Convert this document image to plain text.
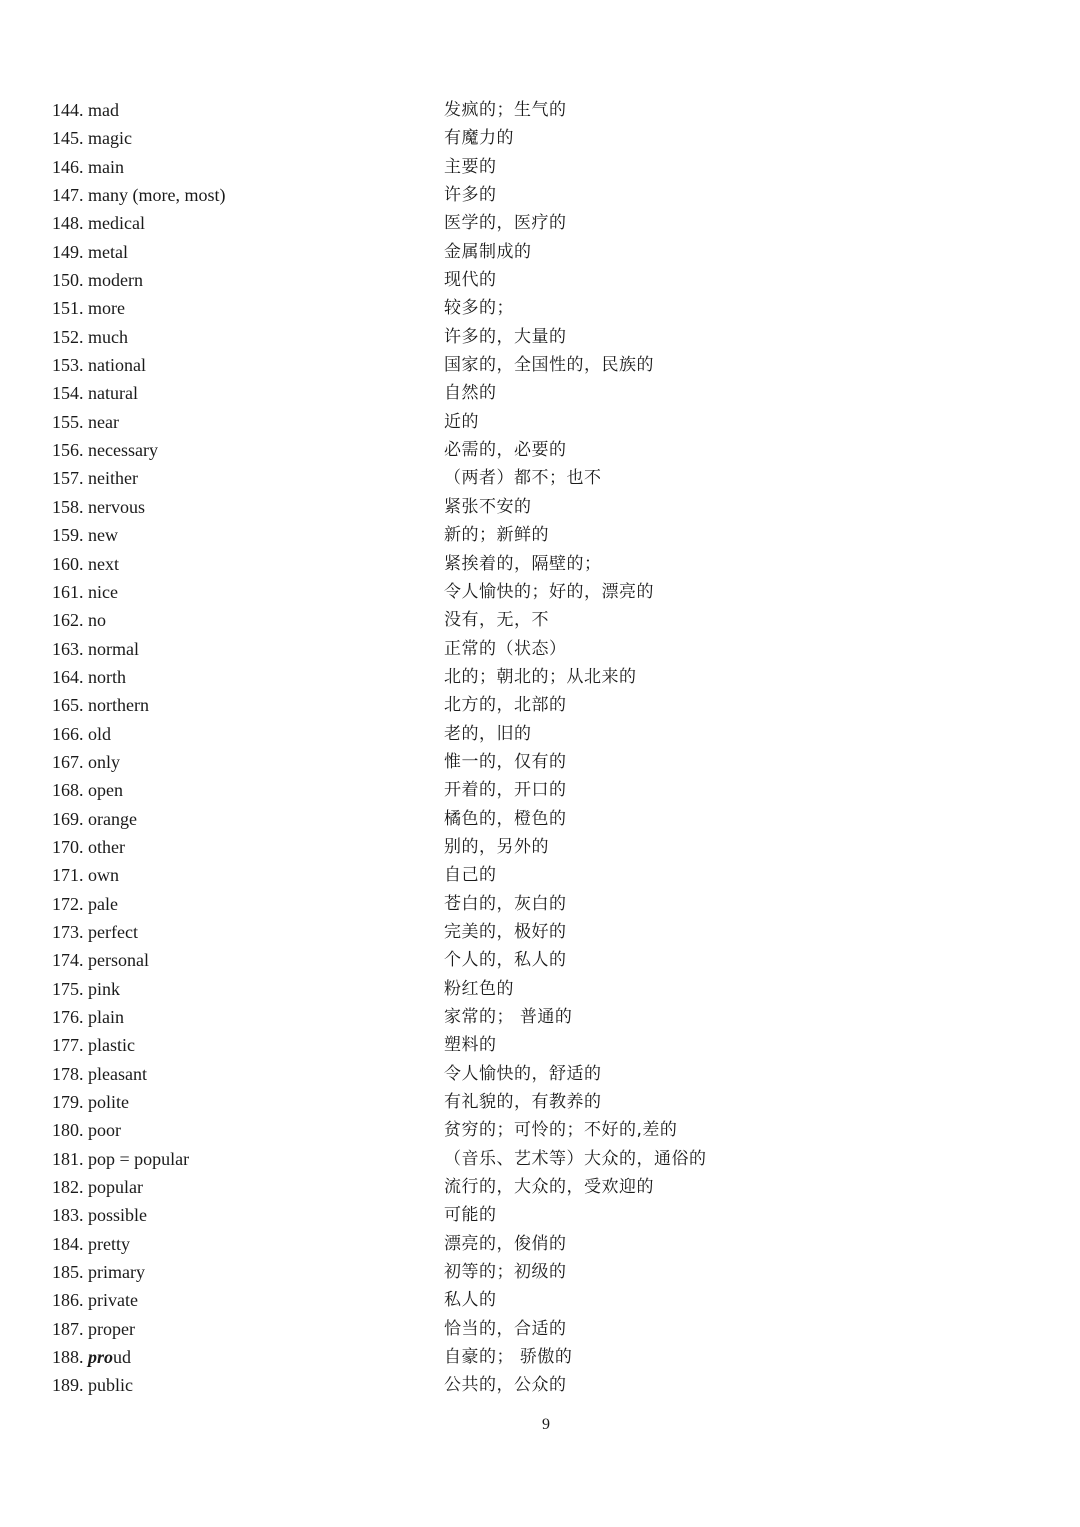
144. mad	发疯的；生气的
145. magic	有魔力的
146. main	主要的
147. many (more, most)	许多的
148. medical	医学的，医疗的
149. metal	金属制成的
150. modern	现代的
151. more	较多的；
152. much	许多的，大量的
153. national	国家的，全国性的，民族的
154. natural	自然的
155. near	近的
156. necessary	必需的，必要的
157. neither	（两者）都不；也不
158. nervous	紧张不安的
159. new	新的；新鲜的
160. next	紧挨着的，隔壁的；
161. nice	令人愉快的；好的，漂亮的
162. no	没有，无，不
163. normal	正常的（状态）
164. north	北的；朝北的；从北来的
165. northern	北方的，北部的
166. old	老的，旧的
167. only	惟一的，仅有的
168. open	开着的，开口的
169. orange	橘色的，橙色的
170. other	别的，另外的
171. own	自己的
172. pale	苍白的，灰白的
173. perfect	完美的，极好的
174. personal	个人的，私人的
175. pink	粉红色的
176. plain	家常的； 普通的
177. plastic	塑料的
178. pleasant	令人愉快的，舒适的
179. polite	有礼貌的，有教养的
180. poor	贫穷的；可怜的；不好的,差的
181. pop = popular	（音乐、艺术等）大众的，通俗的
182. popular	流行的，大众的，受欢迎的
183. possible	可能的
184. pretty	漂亮的，俊俏的
185. primary	初等的；初级的
186. private	私人的
187. proper	恰当的，合适的
188. proud	自豪的； 骄傲的
189. public	公共的，公众的
9
